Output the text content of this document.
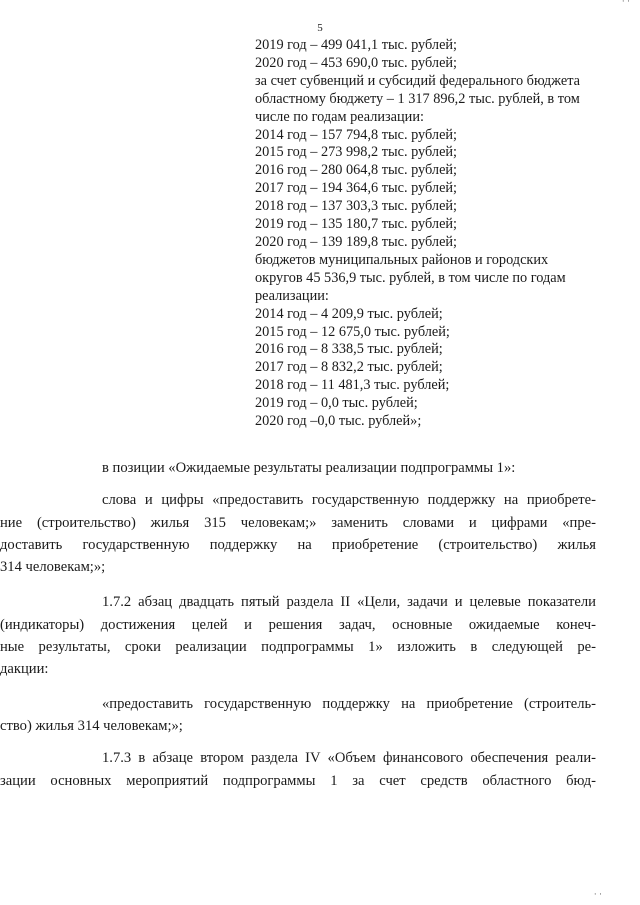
· ·
5
2019 год – 499 041,1 тыс. рублей;
2020 год – 453 690,0 тыс. рублей;
за счет субвенций и субсидий федерального бюджета
областному бюджету – 1 317 896,2 тыс. рублей, в том
числе по годам реализации:
2014 год – 157 794,8 тыс. рублей;
2015 год – 273 998,2 тыс. рублей;
2016 год – 280 064,8 тыс. рублей;
2017 год – 194 364,6 тыс. рублей;
2018 год – 137 303,3 тыс. рублей;
2019 год – 135 180,7 тыс. рублей;
2020 год – 139 189,8 тыс. рублей;
бюджетов муниципальных районов и городских
округов 45 536,9 тыс. рублей, в том числе по годам
реализации:
2014 год – 4 209,9 тыс. рублей;
2015 год – 12 675,0 тыс. рублей;
2016 год – 8 338,5 тыс. рублей;
2017 год – 8 832,2 тыс. рублей;
2018 год – 11 481,3 тыс. рублей;
2019 год – 0,0 тыс. рублей;
2020 год –0,0 тыс. рублей»;

в позиции «Ожидаемые результаты реализации подпрограммы 1»:

слова и цифры «предоставить государственную поддержку на приобрете-
ние (строительство) жилья 315 человекам;» заменить словами и цифрами «пре-
доставить государственную поддержку на приобретение (строительство) жилья
314 человекам;»;

1.7.2 абзац двадцать пятый раздела II «Цели, задачи и целевые показатели
(индикаторы) достижения целей и решения задач, основные ожидаемые конеч-
ные результаты, сроки реализации подпрограммы 1» изложить в следующей ре-
дакции:

«предоставить государственную поддержку на приобретение (строитель-
ство) жилья 314 человекам;»;

1.7.3 в абзаце втором раздела IV «Объем финансового обеспечения реали-
зации основных мероприятий подпрограммы 1 за счет средств областного бюд-

· ·
